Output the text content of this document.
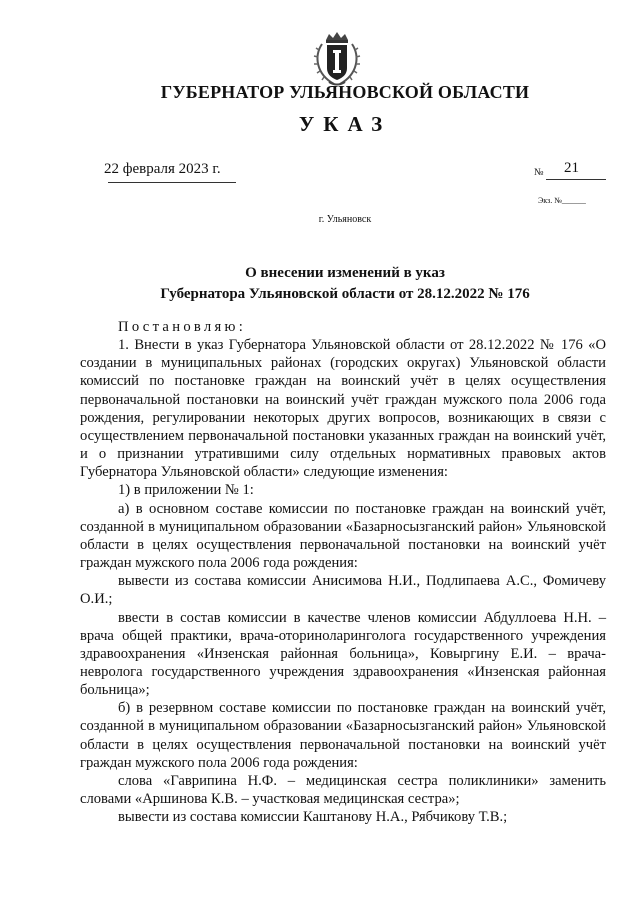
ГУБЕРНАТОР УЛЬЯНОВСКОЙ ОБЛАСТИ
УКАЗ
22 февраля 2023 г.	№ 21
Экз. №______
г. Ульяновск
О внесении изменений в указ
Губернатора Ульяновской области от 28.12.2022 № 176

Постановляю:

1. Внести в указ Губернатора Ульяновской области от 28.12.2022 № 176 «О создании в муниципальных районах (городских округах) Ульяновской области комиссий по постановке граждан на воинский учёт в целях осуществления первоначальной постановки на воинский учёт граждан мужского пола 2006 года рождения, регулировании некоторых других вопросов, возникающих в связи с осуществлением первоначальной постановки указанных граждан на воинский учёт, и о признании утратившими силу отдельных нормативных правовых актов Губернатора Ульяновской области» следующие изменения:

1) в приложении № 1:

а) в основном составе комиссии по постановке граждан на воинский учёт, созданной в муниципальном образовании «Базарносызганский район» Ульяновской области в целях осуществления первоначальной постановки на воинский учёт граждан мужского пола 2006 года рождения:

вывести из состава комиссии Анисимова Н.И., Подлипаева А.С., Фомичеву О.И.;

ввести в состав комиссии в качестве членов комиссии Абдуллоева Н.Н. – врача общей практики, врача-оториноларинголога государственного учреждения здравоохранения «Инзенская районная больница», Ковыргину Е.И. – врача-невролога государственного учреждения здравоохранения «Инзенская районная больница»;

б) в резервном составе комиссии по постановке граждан на воинский учёт, созданной в муниципальном образовании «Базарносызганский район» Ульяновской области в целях осуществления первоначальной постановки на воинский учёт граждан мужского пола 2006 года рождения:

слова «Гаврипина Н.Ф. – медицинская сестра поликлиники» заменить словами «Аршинова К.В. – участковая медицинская сестра»;

вывести из состава комиссии Каштанову Н.А., Рябчикову Т.В.;
